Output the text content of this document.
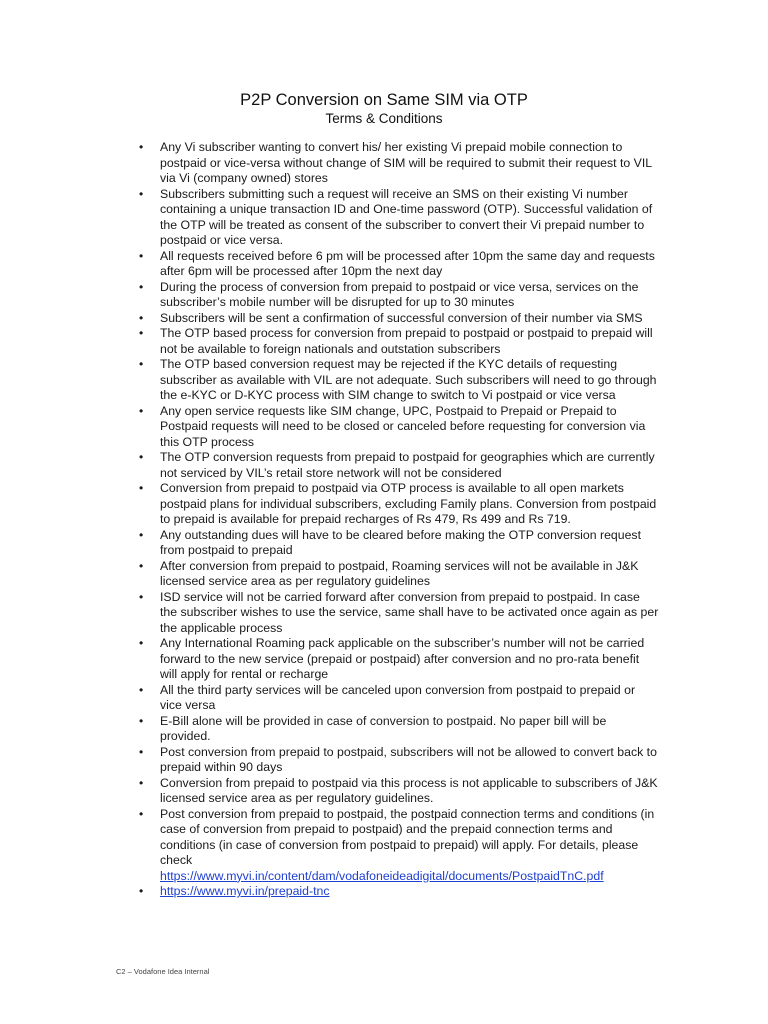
P2P Conversion on Same SIM via OTP
Terms & Conditions
•	Any Vi subscriber wanting to convert his/ her existing Vi prepaid mobile connection to postpaid or vice-versa without change of SIM will be required to submit their request to VIL via Vi (company owned) stores
•	Subscribers submitting such a request will receive an SMS on their existing Vi number containing a unique transaction ID and One-time password (OTP). Successful validation of the OTP will be treated as consent of the subscriber to convert their Vi prepaid number to postpaid or vice versa.
•	All requests received before 6 pm will be processed after 10pm the same day and requests after 6pm will be processed after 10pm the next day
•	During the process of conversion from prepaid to postpaid or vice versa, services on the subscriber’s mobile number will be disrupted for up to 30 minutes
•	Subscribers will be sent a confirmation of successful conversion of their number via SMS
•	The OTP based process for conversion from prepaid to postpaid or postpaid to prepaid will not be available to foreign nationals and outstation subscribers
•	The OTP based conversion request may be rejected if the KYC details of requesting subscriber as available with VIL are not adequate. Such subscribers will need to go through the e-KYC or D-KYC process with SIM change to switch to Vi postpaid or vice versa
•	Any open service requests like SIM change, UPC, Postpaid to Prepaid or Prepaid to Postpaid requests will need to be closed or canceled before requesting for conversion via this OTP process
•	The OTP conversion requests from prepaid to postpaid for geographies which are currently not serviced by VIL’s retail store network will not be considered
•	Conversion from prepaid to postpaid via OTP process is available to all open markets postpaid plans for individual subscribers, excluding Family plans. Conversion from postpaid to prepaid is available for prepaid recharges of Rs 479, Rs 499 and Rs 719.
•	Any outstanding dues will have to be cleared before making the OTP conversion request from postpaid to prepaid
•	After conversion from prepaid to postpaid, Roaming services will not be available in J&K licensed service area as per regulatory guidelines
•	ISD service will not be carried forward after conversion from prepaid to postpaid. In case the subscriber wishes to use the service, same shall have to be activated once again as per the applicable process
•	Any International Roaming pack applicable on the subscriber’s number will not be carried forward to the new service (prepaid or postpaid) after conversion and no pro-rata benefit will apply for rental or recharge
•	All the third party services will be canceled upon conversion from postpaid to prepaid or vice versa
•	E-Bill alone will be provided in case of conversion to postpaid. No paper bill will be provided.
•	Post conversion from prepaid to postpaid, subscribers will not be allowed to convert back to prepaid within 90 days
•	Conversion from prepaid to postpaid via this process is not applicable to subscribers of J&K licensed service area as per regulatory guidelines.
•	Post conversion from prepaid to postpaid, the postpaid connection terms and conditions (in case of conversion from prepaid to postpaid) and the prepaid connection terms and conditions (in case of conversion from postpaid to prepaid) will apply. For details, please check
https://www.myvi.in/content/dam/vodafoneideadigital/documents/PostpaidTnC.pdf
•	https://www.myvi.in/prepaid-tnc
C2 – Vodafone Idea Internal
